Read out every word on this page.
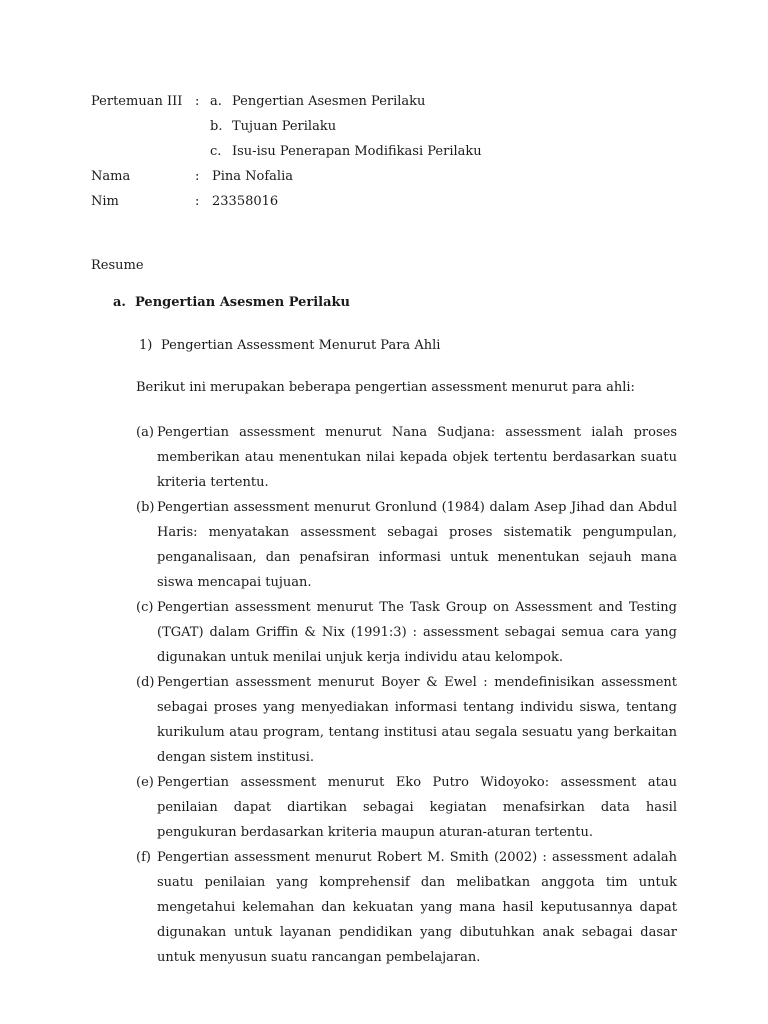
Pertemuan III : a. Pengertian Asesmen Perilaku
b. Tujuan Perilaku
c. Isu-isu Penerapan Modifikasi Perilaku
Nama	: Pina Nofalia
Nim	: 23358016
Resume
a. Pengertian Asesmen Perilaku
1) Pengertian Assessment Menurut Para Ahli
Berikut ini merupakan beberapa pengertian assessment menurut para ahli:
(a) Pengertian assessment menurut Nana Sudjana: assessment ialah proses memberikan atau menentukan nilai kepada objek tertentu berdasarkan suatu kriteria tertentu.
(b) Pengertian assessment menurut Gronlund (1984) dalam Asep Jihad dan Abdul Haris: menyatakan assessment sebagai proses sistematik pengumpulan, penganalisaan, dan penafsiran informasi untuk menentukan sejauh mana siswa mencapai tujuan.
(c) Pengertian assessment menurut The Task Group on Assessment and Testing (TGAT) dalam Griffin & Nix (1991:3) : assessment sebagai semua cara yang digunakan untuk menilai unjuk kerja individu atau kelompok.
(d) Pengertian assessment menurut Boyer & Ewel : mendefinisikan assessment sebagai proses yang menyediakan informasi tentang individu siswa, tentang kurikulum atau program, tentang institusi atau segala sesuatu yang berkaitan dengan sistem institusi.
(e) Pengertian assessment menurut Eko Putro Widoyoko: assessment atau penilaian dapat diartikan sebagai kegiatan menafsirkan data hasil pengukuran berdasarkan kriteria maupun aturan-aturan tertentu.
(f) Pengertian assessment menurut Robert M. Smith (2002) : assessment adalah suatu penilaian yang komprehensif dan melibatkan anggota tim untuk mengetahui kelemahan dan kekuatan yang mana hasil keputusannya dapat digunakan untuk layanan pendidikan yang dibutuhkan anak sebagai dasar untuk menyusun suatu rancangan pembelajaran.
